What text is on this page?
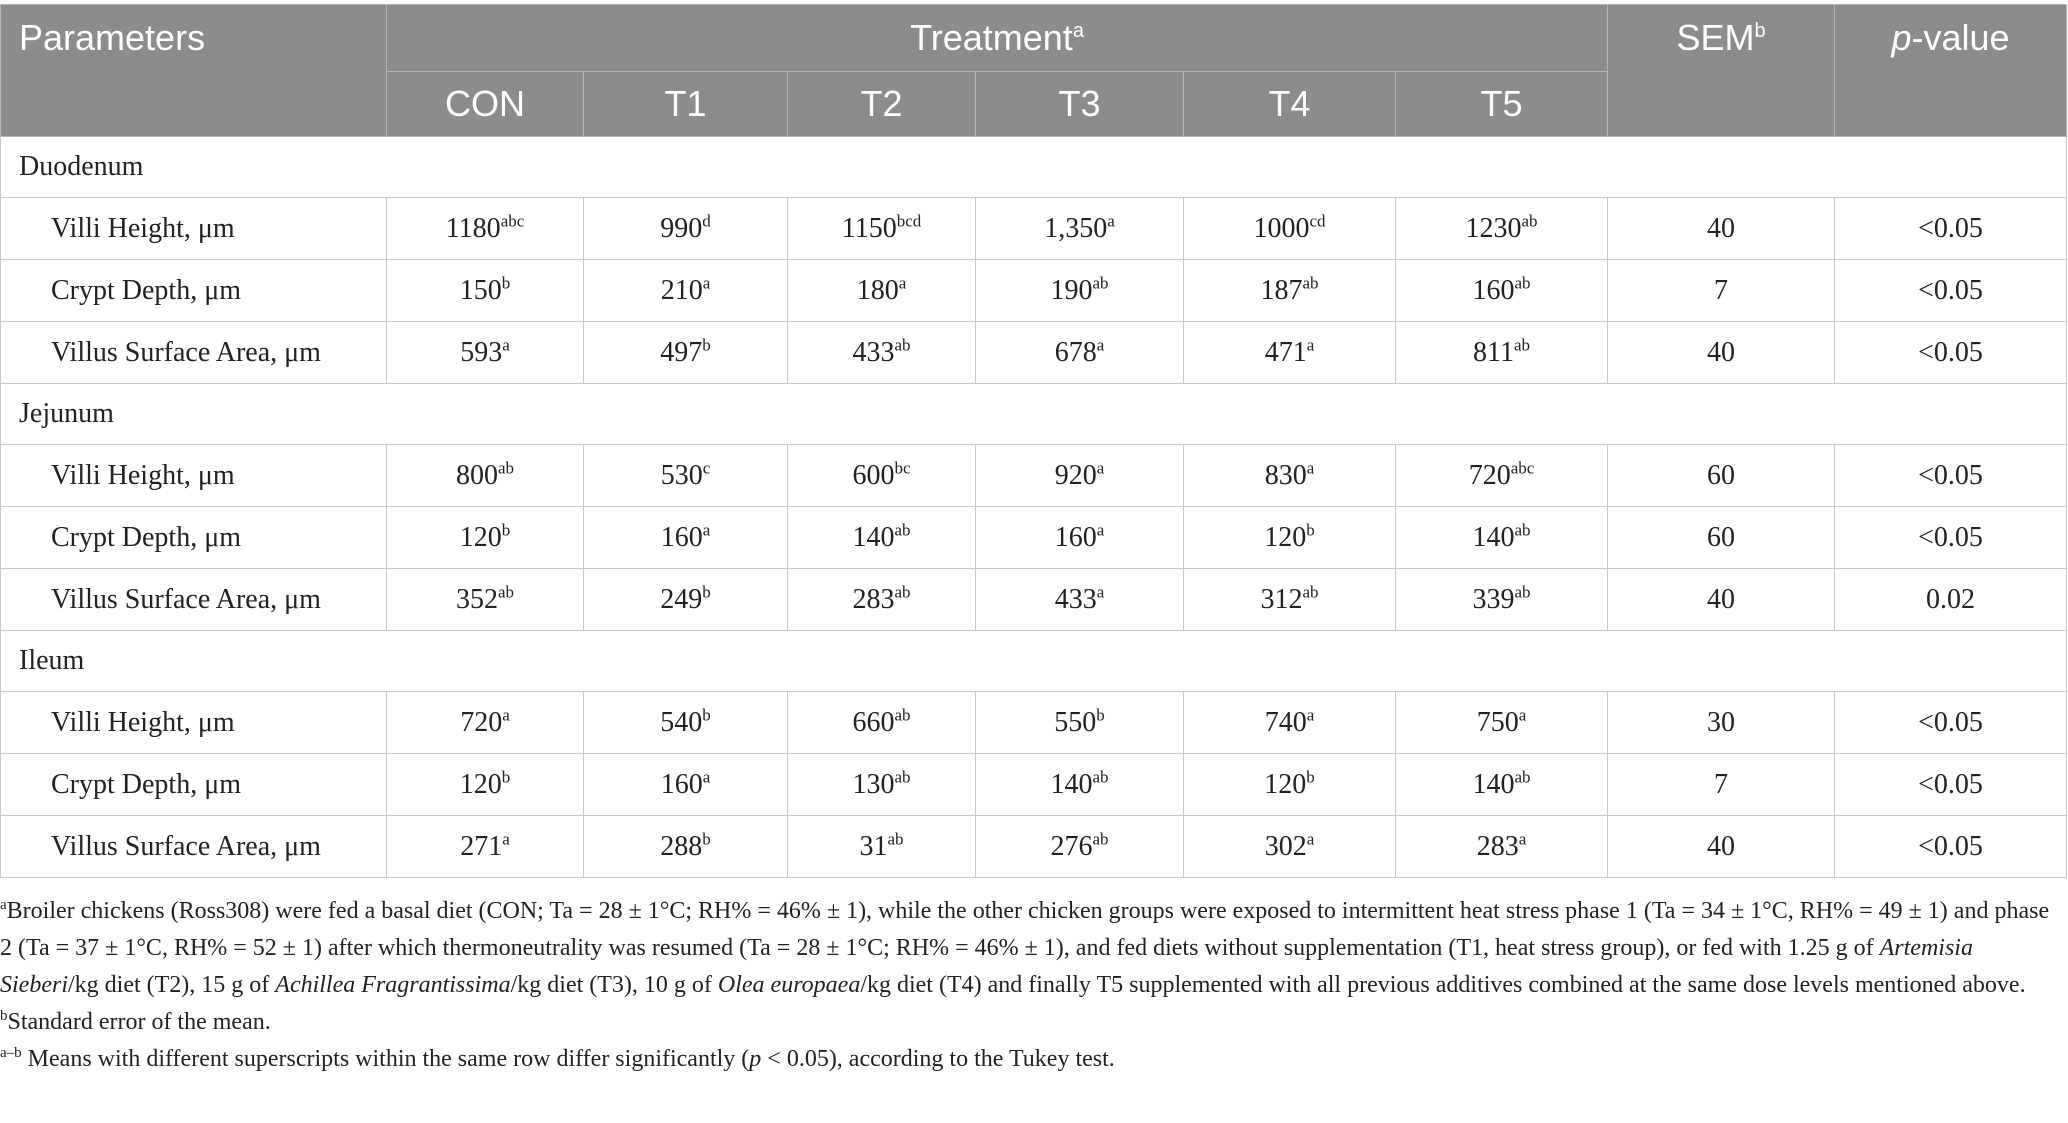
Parameters	Treatment$^a$						SEM$^b$	p-value
	CON	T1	T2	T3	T4	T5		
Duodenum								
Villi Height, μm	$1180^{abc}$	990$^d$	$1150^{bcd}$	1,350$^a$	$1000^{cd}$	$1230^{ab}$	40	<0.05
Crypt Depth, μm	150$^b$	210$^a$	180$^a$	$190^{ab}$	$187^{ab}$	$160^{ab}$	7	<0.05
Villus Surface Area, μm	593$^a$	497$^b$	$433^{ab}$	678$^a$	471$^a$	$811^{ab}$	40	<0.05
Jejunum								
Villi Height, μm	$800^{ab}$	530$^c$	$600^{bc}$	920$^a$	830$^a$	$720^{abc}$	60	<0.05
Crypt Depth, μm	120$^b$	160$^a$	$140^{ab}$	160$^a$	120$^b$	$140^{ab}$	60	<0.05
Villus Surface Area, μm	$352^{ab}$	249$^b$	$283^{ab}$	433$^a$	$312^{ab}$	$339^{ab}$	40	0.02
Ileum								
Villi Height, μm	720$^a$	540$^b$	$660^{ab}$	550$^b$	740$^a$	750$^a$	30	<0.05
Crypt Depth, μm	120$^b$	160$^a$	$130^{ab}$	$140^{ab}$	120$^b$	$140^{ab}$	7	<0.05
Villus Surface Area, μm	271$^a$	288$^b$	$31^{ab}$	$276^{ab}$	302$^a$	283$^a$	40	<0.05

$^a$Broiler chickens (Ross308) were fed a basal diet (CON; Ta = 28 ± 1°C; RH% = 46% ± 1), while the other chicken groups were exposed to intermittent heat stress phase 1 (Ta = 34 ± 1°C, RH% = 49 ± 1) and phase 2 (Ta = 37 ± 1°C, RH% = 52 ± 1) after which thermoneutrality was resumed (Ta = 28 ± 1°C; RH% = 46% ± 1), and fed diets without supplementation (T1, heat stress group), or fed with 1.25 g of Artemisia Sieberi/kg diet (T2), 15 g of Achillea Fragrantissima/kg diet (T3), 10 g of Olea europaea/kg diet (T4) and finally T5 supplemented with all previous additives combined at the same dose levels mentioned above.

$^b$Standard error of the mean.

$^{a-b}$ Means with different superscripts within the same row differ significantly (p < 0.05), according to the Tukey test.
